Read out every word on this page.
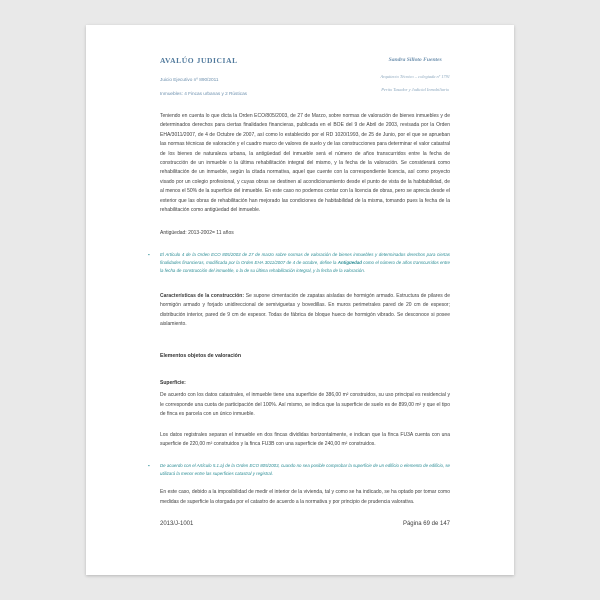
AVALÚO JUDICIAL
Juicio Ejecutivo nº 890/2011
Inmuebles: 4 Fincas urbanas y 2 Rústicas
Sandra Silloto Fuentes
Arquitecto Técnico – colegiada nº 1791
Perito Tasador y Judicial Inmobiliario

Teniendo en cuenta lo que dicta la Orden ECO/805/2003, de 27 de Marzo, sobre normas de valoración de bienes inmuebles y de determinados derechos para ciertas finalidades financieras, publicada en el BOE del 9 de Abril de 2003, revisada por la Orden EHA/3011/2007, de 4 de Octubre de 2007, así como lo establecido por el RD 1020/1993, de 25 de Junio, por el que se aprueban las normas técnicas de valoración y el cuadro marco de valores de suelo y de las construcciones para determinar el valor catastral de los bienes de naturaleza urbana, la antigüedad del inmueble será el número de años transcurridos entre la fecha de construcción de un inmueble o la última rehabilitación integral del mismo, y la fecha de la valoración. Se considerará como rehabilitación de un inmueble, según la citada normativa, aquel que cuente con la correspondiente licencia, así como proyecto visado por un colegio profesional, y cuyas obras se destinen al acondicionamiento desde el punto de vista de la habitabilidad, de al menos el 50% de la superficie del inmueble. En este caso no podemos contar con la licencia de obras, pero se aprecia desde el exterior que las obras de rehabilitación han mejorado las condiciones de habitabilidad de la misma, tomando pues la fecha de la rehabilitación como antigüedad del inmueble.

Antigüedad: 2013-2002= 11 años

▪	El Artículo 4 de la Orden ECO 805/2003 de 27 de marzo sobre normas de valoración de bienes inmuebles y determinados derechos para ciertas finalidades financieras, modificada por la Orden EHA 3011/2007 de 4 de octubre, define la Antigüedad como el número de años transcurridos entre la fecha de construcción del inmueble, o la de su última rehabilitación integral, y la fecha de la valoración.

Características de la construcción: Se supone cimentación de zapatas aisladas de hormigón armado. Estructura de pilares de hormigón armado y forjado unidireccional de semiviguetas y bovedillas. En muros perimetrales pared de 20 cm de espesor; distribución interior, pared de 9 cm de espesor. Todas de fábrica de bloque hueco de hormigón vibrado. Se desconoce si posee aislamiento.

Elementos objetos de valoración

Superficie:

De acuerdo con los datos catastrales, el inmueble tiene una superficie de 386,00 m² construidos, su uso principal es residencial y le corresponde una cuota de participación del 100%. Así mismo, se indica que la superficie de suelo es de 899,00 m² y que el tipo de finca es parcela con un único inmueble.

Los datos registrales separan el inmueble en dos fincas divididas horizontalmente, e indican que la finca FU3A cuenta con una superficie de 220,00 m² construidos y la finca FU3B con una superficie de 240,00 m² construidos.

▪	De acuerdo con el Artículo 5.1.a) de la Orden ECO 805/2003, cuando no sea posible comprobar la superficie de un edificio o elemento de edificio, se utilizará la menor entre las superficies catastral y registral.

En este caso, debido a la imposibilidad de medir el interior de la vivienda, tal y como se ha indicado, se ha optado por tomar como medidas de superficie la otorgada por el catastro de acuerdo a la normativa y por principio de prudencia valorativa.

2013/J-1001	Página 69 de 147
